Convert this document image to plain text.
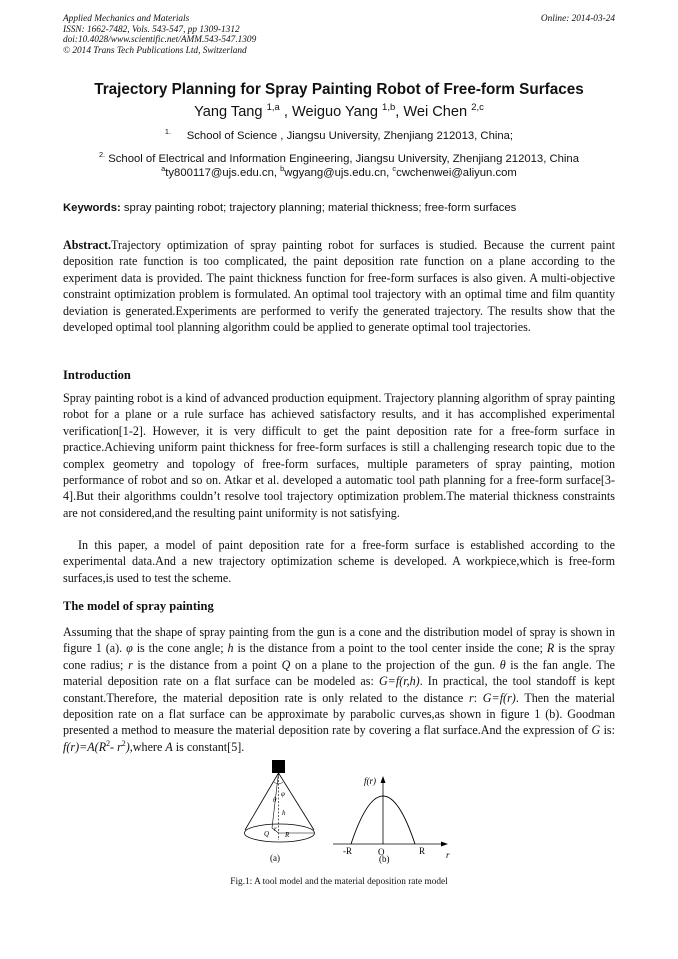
Applied Mechanics and Materials
ISSN: 1662-7482, Vols. 543-547, pp 1309-1312
doi:10.4028/www.scientific.net/AMM.543-547.1309
© 2014 Trans Tech Publications Ltd, Switzerland
Online: 2014-03-24
Trajectory Planning for Spray Painting Robot of Free-form Surfaces
Yang Tang $^{1,a}$ , Weiguo Yang $^{1,b}$, Wei Chen $^{2,c}$
$^{1.}$ School of Science , Jiangsu University, Zhenjiang 212013, China;
$^{2.}$ School of Electrical and Information Engineering, Jiangsu University, Zhenjiang 212013, China
$^a$ty800117@ujs.edu.cn, $^b$wgyang@ujs.edu.cn, $^c$cwchenwei@aliyun.com
Keywords: spray painting robot; trajectory planning; material thickness; free-form surfaces
Abstract.Trajectory optimization of spray painting robot for surfaces is studied. Because the current paint deposition rate function is too complicated, the paint deposition rate function on a plane according to the experiment data is provided. The paint thickness function for free-form surfaces is also given. A multi-objective constraint optimization problem is formulated. An optimal tool trajectory with an optimal time and film quantity deviation is generated.Experiments are performed to verify the generated trajectory. The results show that the developed optimal tool planning algorithm could be applied to generate optimal tool trajectories.
Introduction
Spray painting robot is a kind of advanced production equipment. Trajectory planning algorithm of spray painting robot for a plane or a rule surface has achieved satisfactory results, and it has accomplished experimental verification[1-2]. However, it is very difficult to get the paint deposition rate for a free-form surface in practice.Achieving uniform paint thickness for free-form surfaces is still a challenging research topic due to the complex geometry and topology of free-form surfaces, multiple parameters of spray painting, motion performance of robot and so on. Atkar et al. developed a automatic tool path planning for a free-form surface[3-4].But their algorithms couldn’t resolve tool trajectory optimization problem.The material thickness constraints are not considered,and the resulting paint uniformity is not satisfying.
In this paper, a model of paint deposition rate for a free-form surface is established according to the experimental data.And a new trajectory optimization scheme is developed. A workpiece,which is free-form surfaces,is used to test the scheme.
The model of spray painting
Assuming that the shape of spray painting from the gun is a cone and the distribution model of spray is shown in figure 1 (a). φ is the cone angle; h is the distance from a point to the tool center inside the cone; R is the spray cone radius; r is the distance from a point Q on a plane to the projection of the gun. θ is the fan angle. The material deposition rate on a flat surface can be modeled as: G=f(r,h). In practical, the tool standoff is kept constant.Therefore, the material deposition rate is only related to the distance r: G=f(r). Then the material deposition rate on a flat surface can be approximate by parabolic curves,as shown in figure 1 (b). Goodman presented a method to measure the material deposition rate by covering a flat surface.And the expression of G is: $f(r)=A(R^2-$ $r^2),where$ A is constant[5].
φ
θ
h
r
Q R
(a)
f(r)
-R	O	R r
(b)
Fig.1: A tool model and the material deposition rate model
